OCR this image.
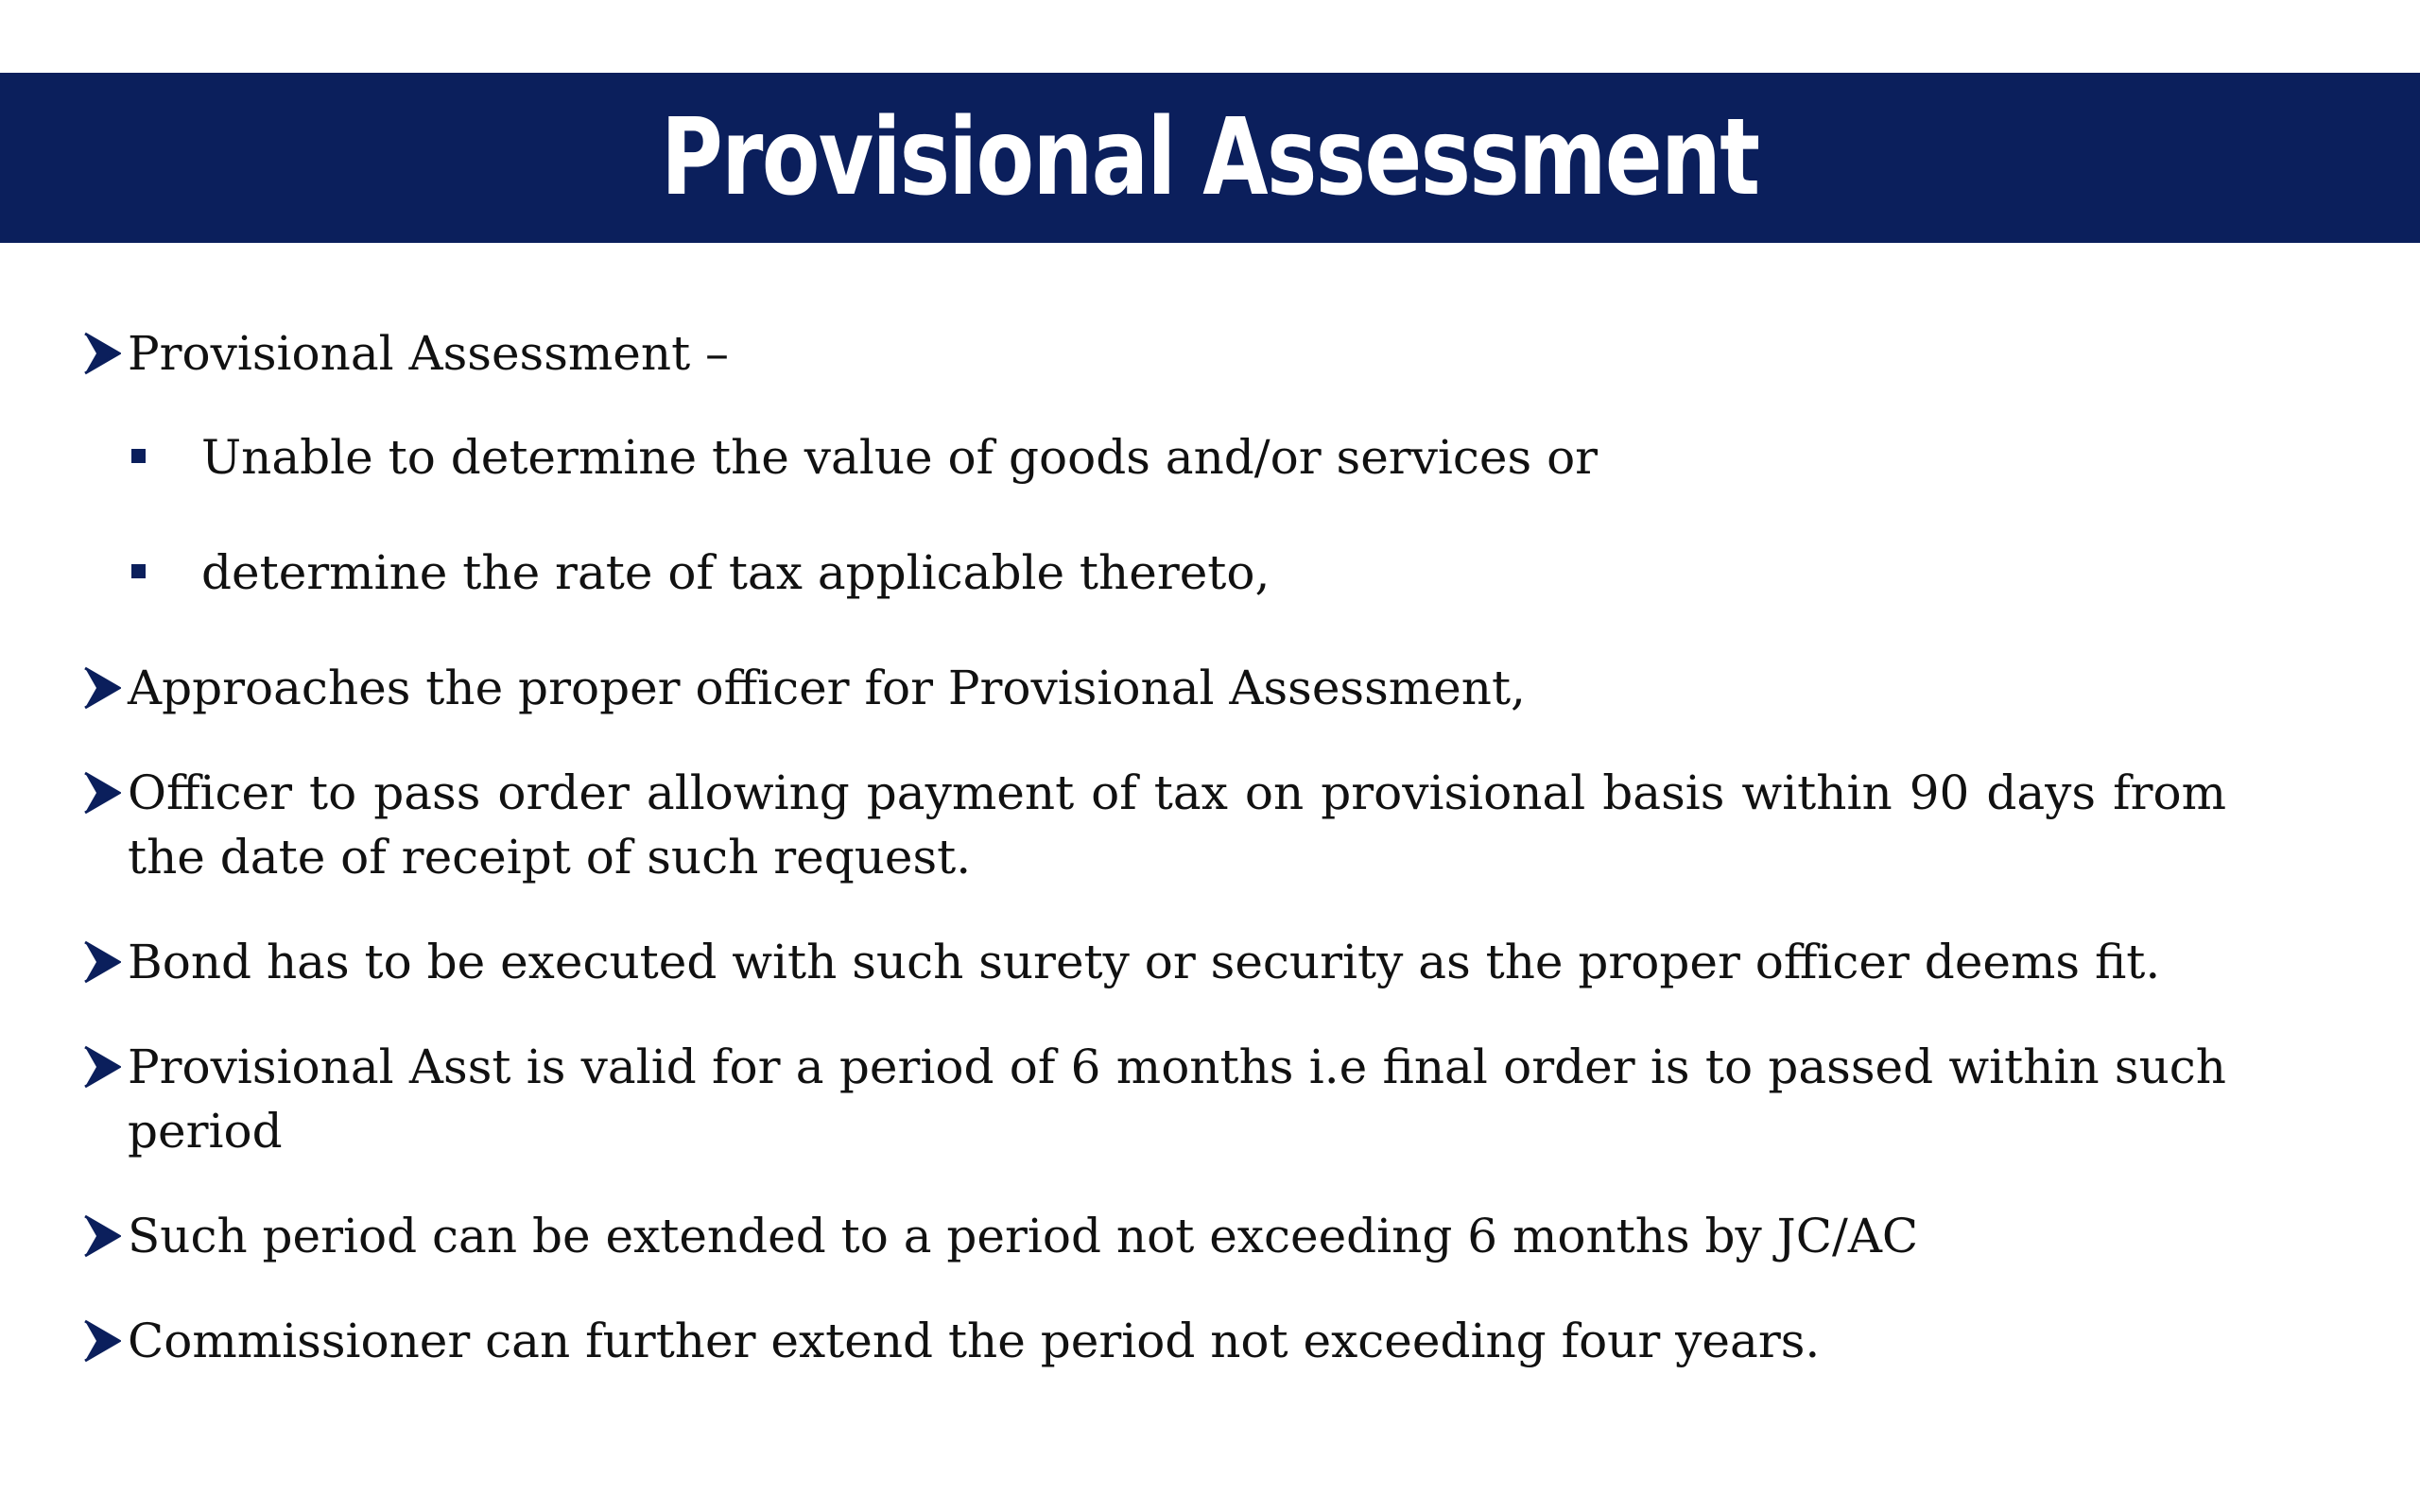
Provisional Assessment
Provisional Assessment –
Unable to determine the value of goods and/or services or
determine the rate of tax applicable thereto,
Approaches the proper officer for Provisional Assessment,
Officer to pass order allowing payment of tax on provisional basis within 90 days from the date of receipt of such request.
Bond has to be executed with such surety or security as the proper officer deems fit.
Provisional Asst is valid for a period of 6 months i.e final order is to passed within such period
Such period can be extended to a period not exceeding 6 months by JC/AC
Commissioner can further extend the period not exceeding four years.
